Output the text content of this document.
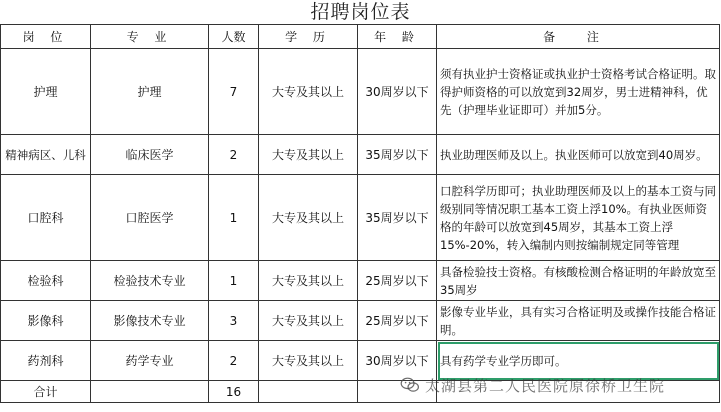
招聘岗位表
岗 位	专 业	人数	学 历	年 龄	备 注
护理	护理	7	大专及其以上	30周岁以下	须有执业护士资格证或执业护士资格考试合格证明。取得护师资格的可以放宽到32周岁，男士进精神科，优先（护理毕业证即可）并加5分。
精神病区、儿科	临床医学	2	大专及其以上	35周岁以下	执业助理医师及以上。执业医师可以放宽到40周岁。
口腔科	口腔医学	1	大专及其以上	35周岁以下	口腔科学历即可；执业助理医师及以上的基本工资与同级别同等情况职工基本工资上浮10%。有执业医师资格的年龄可以放宽到45周岁，其基本工资上浮15%-20%，转入编制内则按编制规定同等管理
检验科	检验技术专业	1	大专及其以上	25周岁以下	具备检验技士资格。有核酸检测合格证明的年龄放宽至35周岁
影像科	影像技术专业	3	大专及其以上	25周岁以下	影像专业毕业，具有实习合格证明及或操作技能合格证明。
药剂科	药学专业	2	大专及其以上	30周岁以下	具有药学专业学历即可。
合计		16				太湖县第二人民医院原徐桥卫生院
